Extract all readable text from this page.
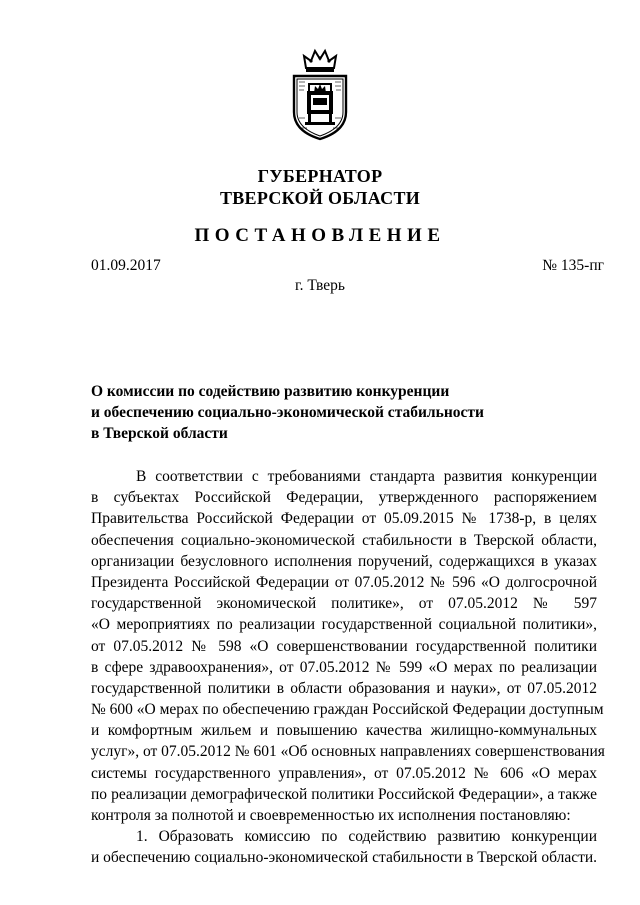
ГУБЕРНАТОР
ТВЕРСКОЙ ОБЛАСТИ
ПОСТАНОВЛЕНИЕ
01.09.2017	№ 135-пг
г. Тверь
О комиссии по содействию развитию конкуренции
и обеспечению социально-экономической стабильности
в Тверской области
В соответствии с требованиями стандарта развития конкуренции
в субъектах Российской Федерации, утвержденного распоряжением
Правительства Российской Федерации от 05.09.2015 № 1738-р, в целях
обеспечения социально-экономической стабильности в Тверской области,
организации безусловного исполнения поручений, содержащихся в указах
Президента Российской Федерации от 07.05.2012 № 596 «О долгосрочной
государственной экономической политике», от 07.05.2012 № 597
«О мероприятиях по реализации государственной социальной политики»,
от 07.05.2012 № 598 «О совершенствовании государственной политики
в сфере здравоохранения», от 07.05.2012 № 599 «О мерах по реализации
государственной политики в области образования и науки», от 07.05.2012
№ 600 «О мерах по обеспечению граждан Российской Федерации доступным
и комфортным жильем и повышению качества жилищно-коммунальных
услуг», от 07.05.2012 № 601 «Об основных направлениях совершенствования
системы государственного управления», от 07.05.2012 № 606 «О мерах
по реализации демографической политики Российской Федерации», а также
контроля за полнотой и своевременностью их исполнения постановляю:
1. Образовать комиссию по содействию развитию конкуренции
и обеспечению социально-экономической стабильности в Тверской области.
